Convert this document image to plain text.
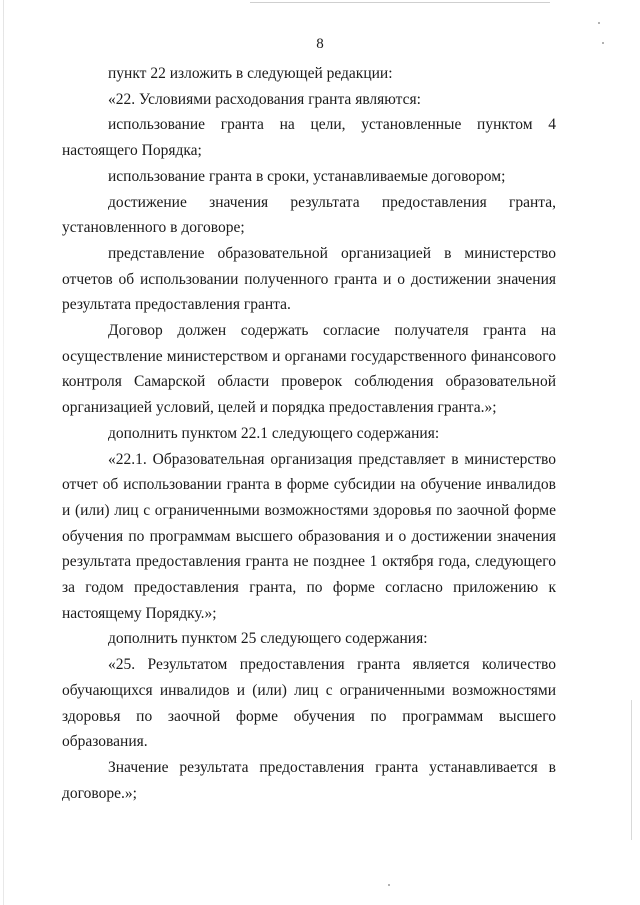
8

пункт 22 изложить в следующей редакции:

«22. Условиями расходования гранта являются:

использование гранта на цели, установленные пунктом 4 настоящего Порядка;

использование гранта в сроки, устанавливаемые договором;

достижение значения результата предоставления гранта, установленного в договоре;

представление образовательной организацией в министерство отчетов об использовании полученного гранта и о достижении значения результата предоставления гранта.

Договор должен содержать согласие получателя гранта на осуществление министерством и органами государственного финансового контроля Самарской области проверок соблюдения образовательной организацией условий, целей и порядка предоставления гранта.»;

дополнить пунктом 22.1 следующего содержания:

«22.1. Образовательная организация представляет в министерство отчет об использовании гранта в форме субсидии на обучение инвалидов и (или) лиц с ограниченными возможностями здоровья по заочной форме обучения по программам высшего образования и о достижении значения результата предоставления гранта не позднее 1 октября года, следующего за годом предоставления гранта, по форме согласно приложению к настоящему Порядку.»;

дополнить пунктом 25 следующего содержания:

«25. Результатом предоставления гранта является количество обучающихся инвалидов и (или) лиц с ограниченными возможностями здоровья по заочной форме обучения по программам высшего образования.

Значение результата предоставления гранта устанавливается в договоре.»;
